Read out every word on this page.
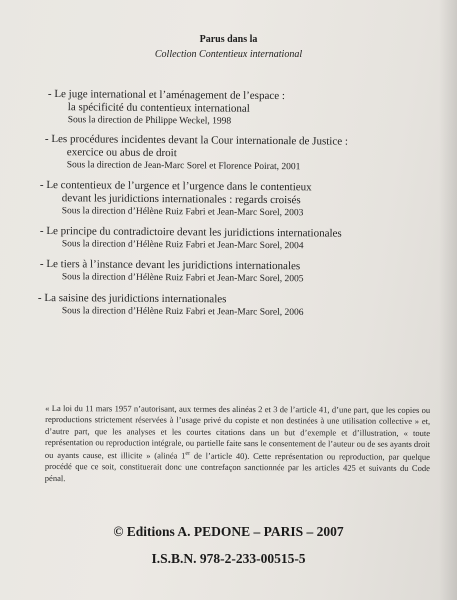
Parus dans la
Collection Contentieux international
- Le juge international et l’aménagement de l’espace :
la spécificité du contentieux international
Sous la direction de Philippe Weckel, 1998
- Les procédures incidentes devant la Cour internationale de Justice :
exercice ou abus de droit
Sous la direction de Jean-Marc Sorel et Florence Poirat, 2001
- Le contentieux de l’urgence et l’urgence dans le contentieux
devant les juridictions internationales : regards croisés
Sous la direction d’Hélène Ruiz Fabri et Jean-Marc Sorel, 2003
- Le principe du contradictoire devant les juridictions internationales
Sous la direction d’Hélène Ruiz Fabri et Jean-Marc Sorel, 2004
- Le tiers à l’instance devant les juridictions internationales
Sous la direction d’Hélène Ruiz Fabri et Jean-Marc Sorel, 2005
- La saisine des juridictions internationales
Sous la direction d’Hélène Ruiz Fabri et Jean-Marc Sorel, 2006
« La loi du 11 mars 1957 n’autorisant, aux termes des alinéas 2 et 3 de l’article 41, d’une part, que les copies ou reproductions strictement réservées à l’usage privé du copiste et non destinées à une utilisation collective » et, d’autre part, que les analyses et les courtes citations dans un but d’exemple et d’illustration, « toute représentation ou reproduction intégrale, ou partielle faite sans le consentement de l’auteur ou de ses ayants droit ou ayants cause, est illicite » (alinéa 1er de l’article 40). Cette représentation ou reproduction, par quelque procédé que ce soit, constituerait donc une contrefaçon sanctionnée par les articles 425 et suivants du Code pénal.
© Editions A. PEDONE – PARIS – 2007
I.S.B.N. 978-2-233-00515-5
